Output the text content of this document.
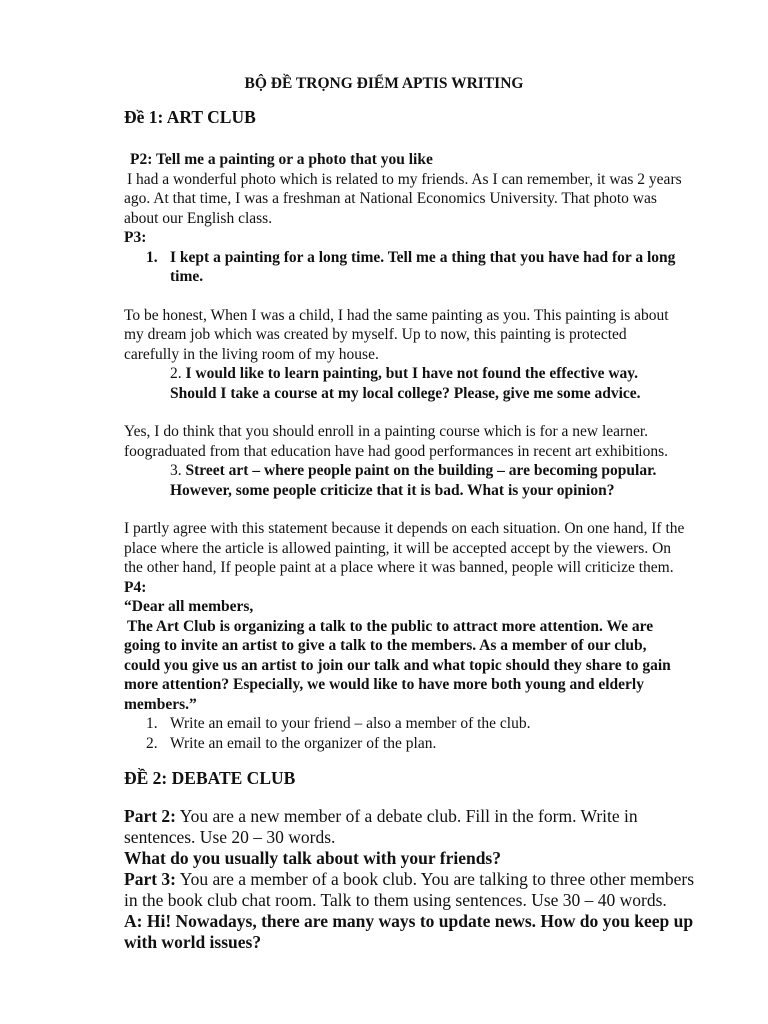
BỘ ĐỀ TRỌNG ĐIỂM APTIS WRITING

Đề 1: ART CLUB

P2: Tell me a painting or a photo that you like

I had a wonderful photo which is related to my friends. As I can remember, it was 2 years

ago. At that time, I was a freshman at National Economics University. That photo was

about our English class.

P3:

1. I kept a painting for a long time. Tell me a thing that you have had for a long
time.

To be honest, When I was a child, I had the same painting as you. This painting is about

my dream job which was created by myself. Up to now, this painting is protected

carefully in the living room of my house.

2. I would like to learn painting, but I have not found the effective way.

Should I take a course at my local college? Please, give me some advice.

Yes, I do think that you should enroll in a painting course which is for a new learner.

foograduated from that education have had good performances in recent art exhibitions.

3. Street art – where people paint on the building – are becoming popular.

However, some people criticize that it is bad. What is your opinion?

I partly agree with this statement because it depends on each situation. On one hand, If the

place where the article is allowed painting, it will be accepted accept by the viewers. On

the other hand, If people paint at a place where it was banned, people will criticize them.

P4:

“Dear all members,

The Art Club is organizing a talk to the public to attract more attention. We are

going to invite an artist to give a talk to the members. As a member of our club,

could you give us an artist to join our talk and what topic should they share to gain

more attention? Especially, we would like to have more both young and elderly

members.”

1. Write an email to your friend – also a member of the club.
2. Write an email to the organizer of the plan.

ĐỀ 2: DEBATE CLUB

Part 2: You are a new member of a debate club. Fill in the form. Write in

sentences. Use 20 – 30 words.

What do you usually talk about with your friends?

Part 3: You are a member of a book club. You are talking to three other members

in the book club chat room. Talk to them using sentences. Use 30 – 40 words.

A: Hi! Nowadays, there are many ways to update news. How do you keep up

with world issues?
